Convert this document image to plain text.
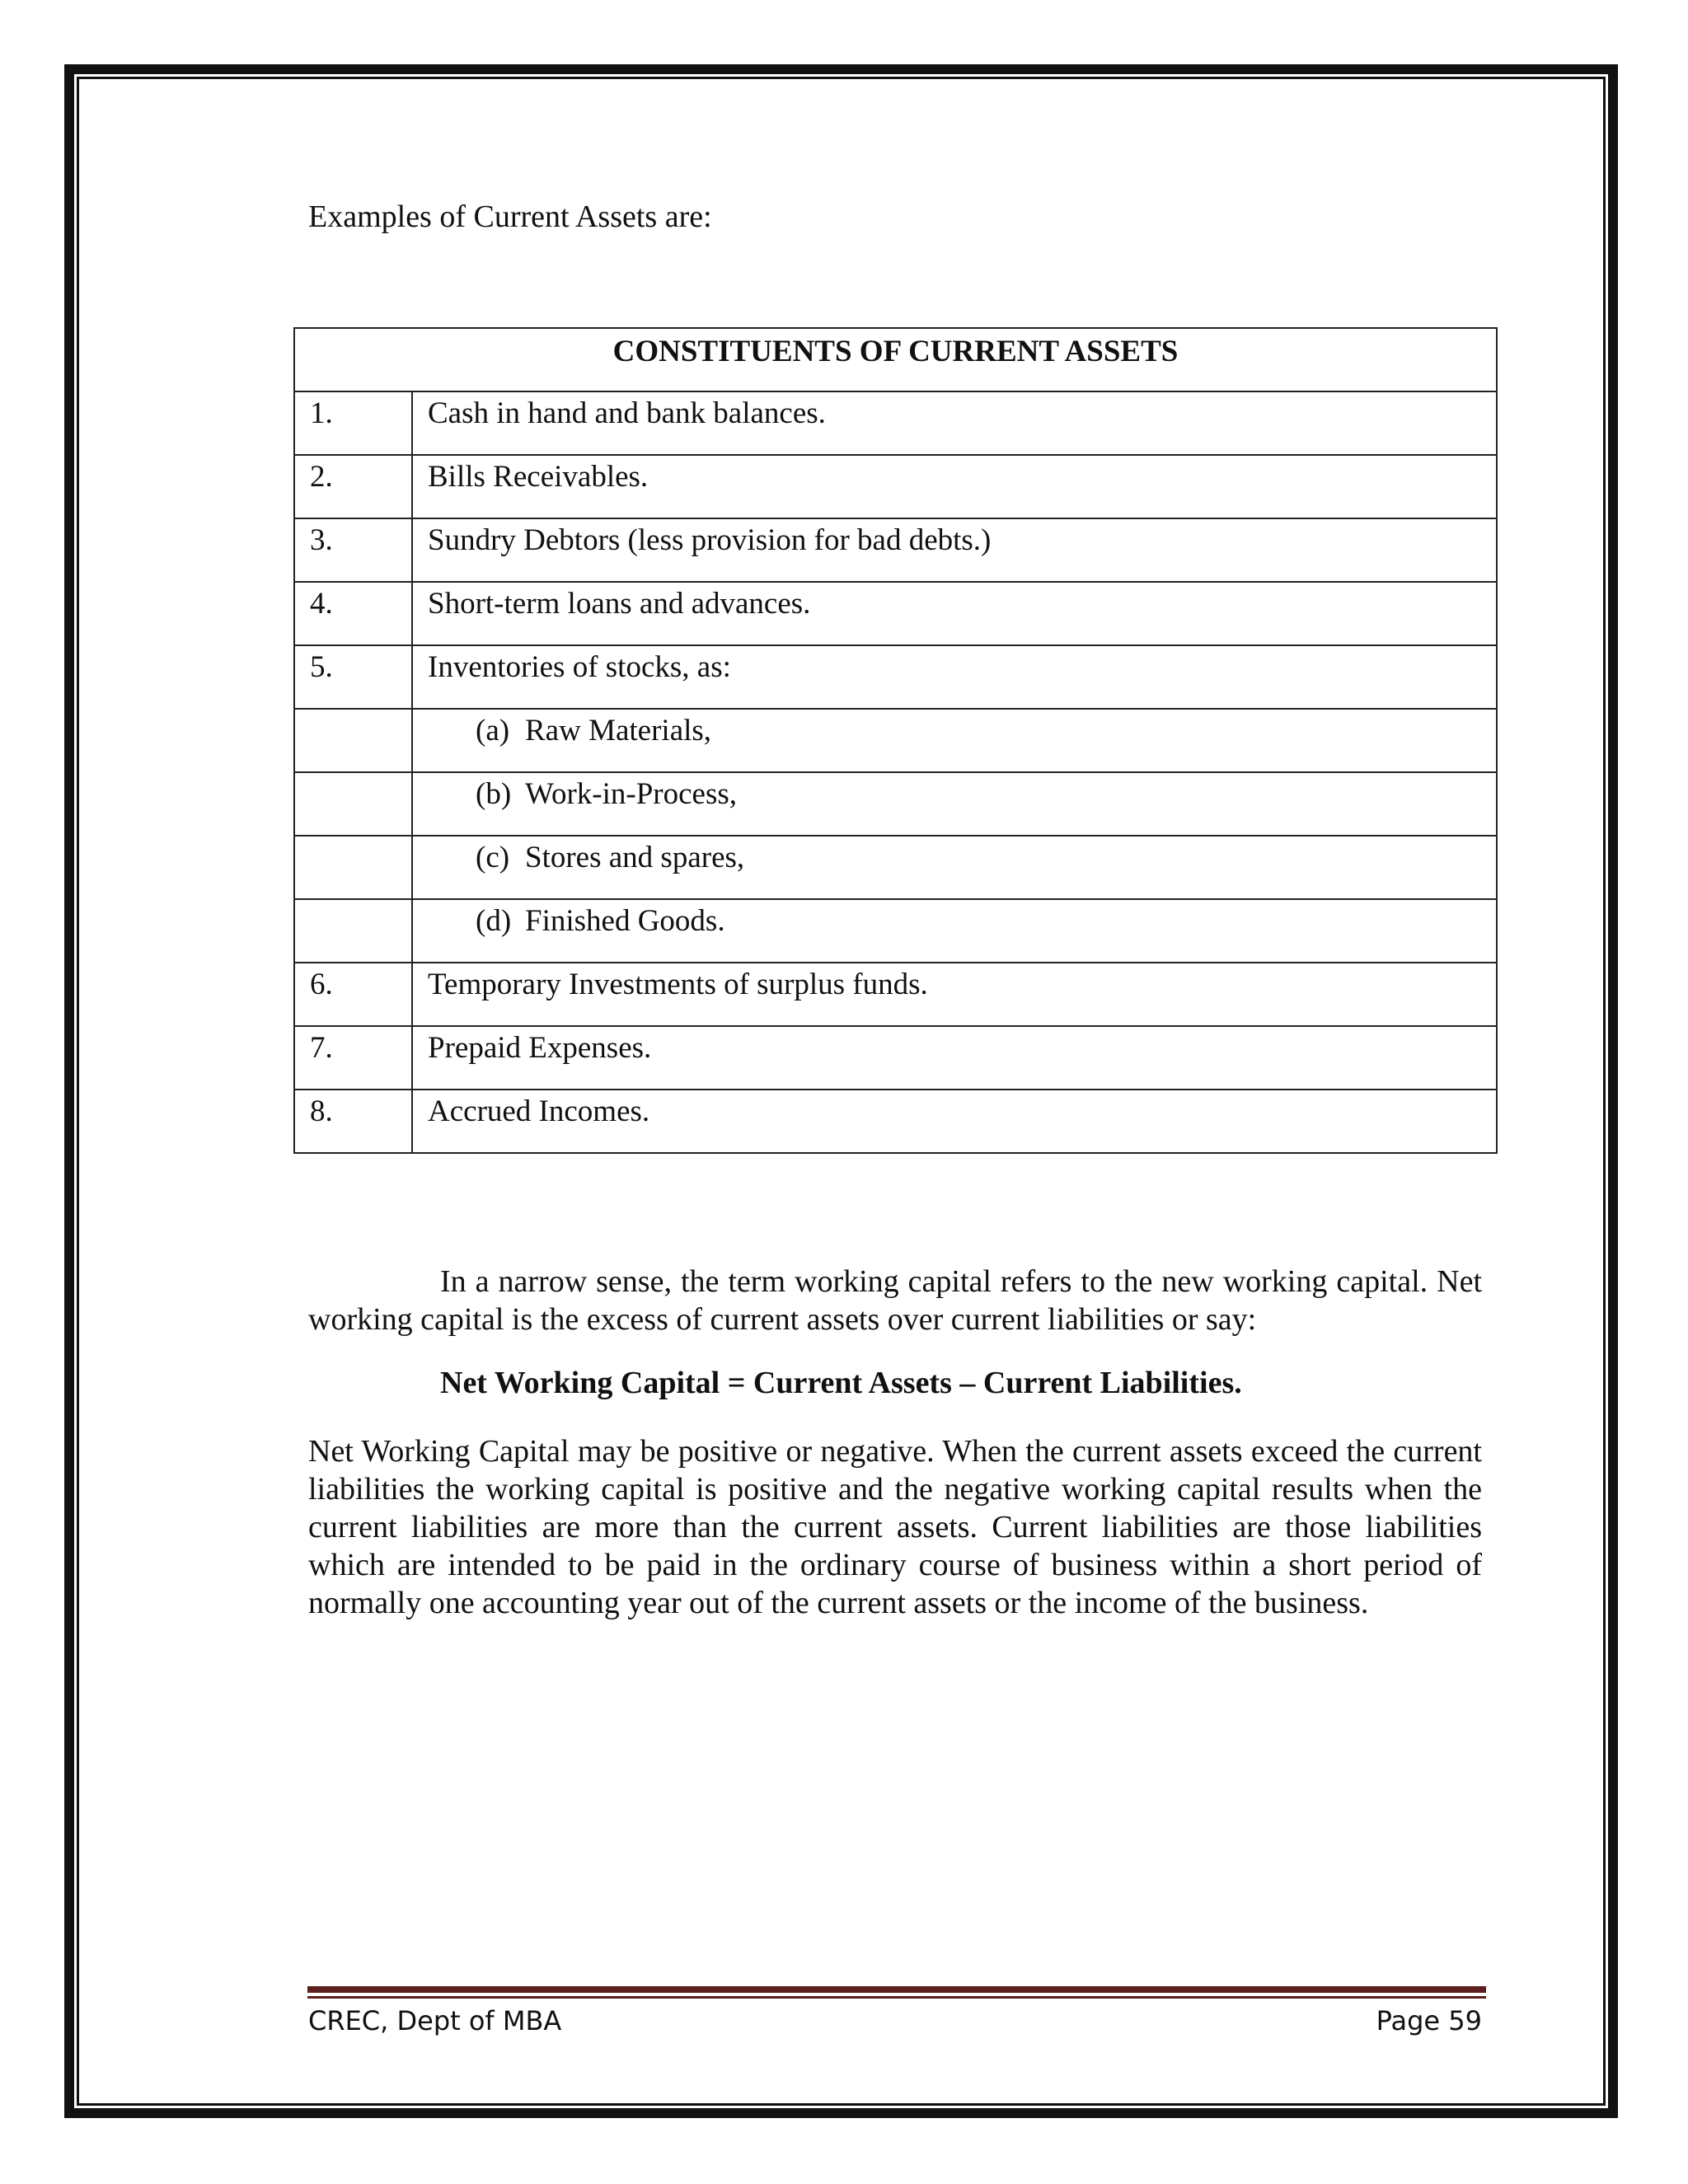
Examples of Current Assets are:

CONSTITUENTS OF CURRENT ASSETS	
1.	Cash in hand and bank balances.
2.	Bills Receivables.
3.	Sundry Debtors (less provision for bad debts.)
4.	Short-term loans and advances.
5.	Inventories of stocks, as:
	(a) Raw Materials,
	(b) Work-in-Process,
	(c) Stores and spares,
	(d) Finished Goods.
6.	Temporary Investments of surplus funds.
7.	Prepaid Expenses.
8.	Accrued Incomes.

In a narrow sense, the term working capital refers to the new working capital. Net working capital is the excess of current assets over current liabilities or say:

Net Working Capital = Current Assets – Current Liabilities.

Net Working Capital may be positive or negative. When the current assets exceed the current liabilities the working capital is positive and the negative working capital results when the current liabilities are more than the current assets. Current liabilities are those liabilities which are intended to be paid in the ordinary course of business within a short period of normally one accounting year out of the current assets or the income of the business.

CREC, Dept of MBA	Page 59
